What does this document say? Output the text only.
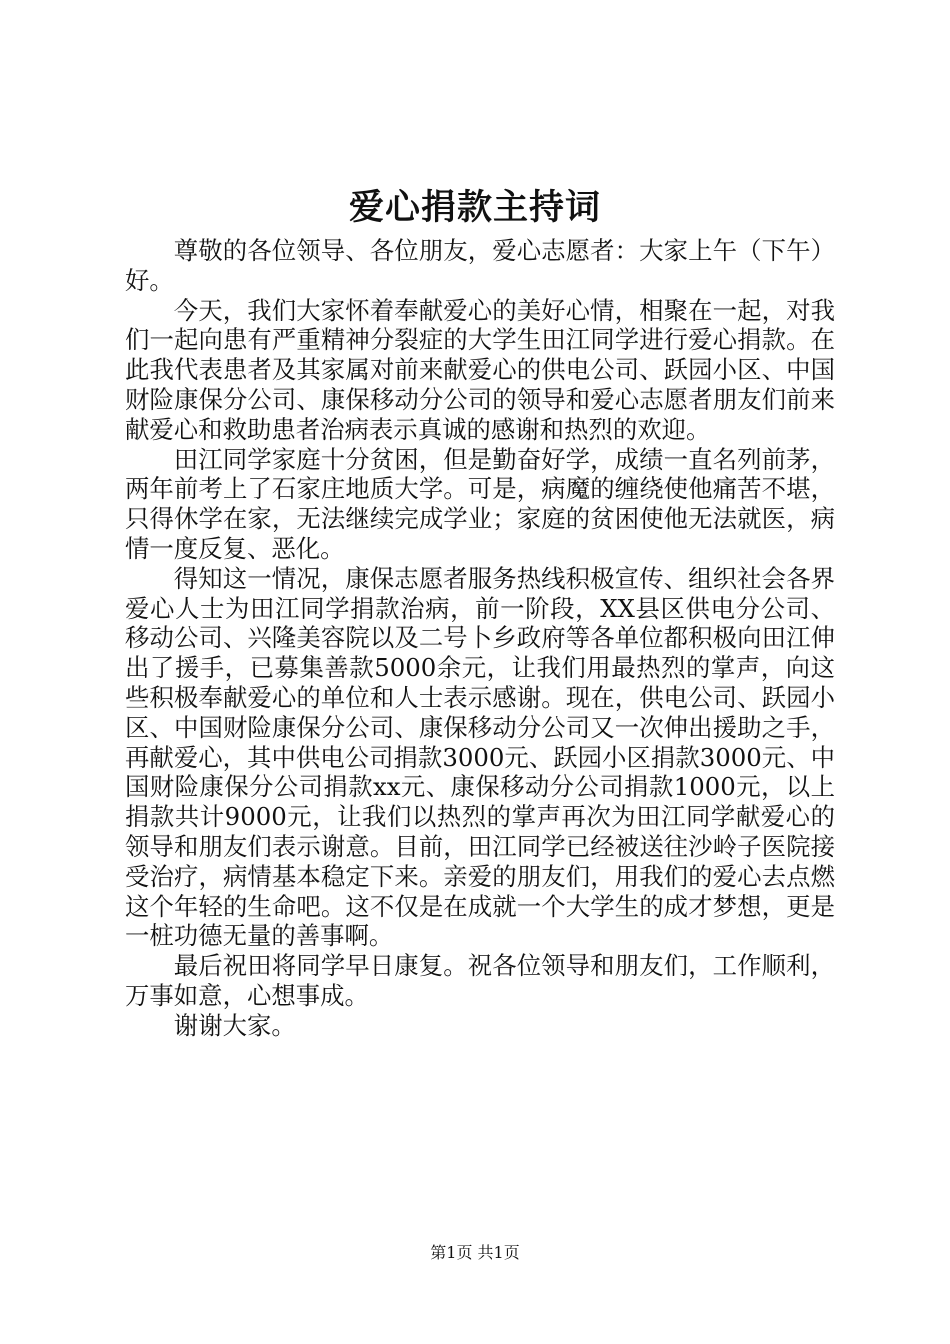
爱心捐款主持词

尊敬的各位领导、各位朋友，爱心志愿者：大家上午（下午）好。

今天，我们大家怀着奉献爱心的美好心情，相聚在一起，对我们一起向患有严重精神分裂症的大学生田江同学进行爱心捐款。在此我代表患者及其家属对前来献爱心的供电公司、跃园小区、中国财险康保分公司、康保移动分公司的领导和爱心志愿者朋友们前来献爱心和救助患者治病表示真诚的感谢和热烈的欢迎。

田江同学家庭十分贫困，但是勤奋好学，成绩一直名列前茅，两年前考上了石家庄地质大学。可是，病魔的缠绕使他痛苦不堪，只得休学在家，无法继续完成学业；家庭的贫困使他无法就医，病情一度反复、恶化。

得知这一情况，康保志愿者服务热线积极宣传、组织社会各界爱心人士为田江同学捐款治病，前一阶段，XX县区供电分公司、移动公司、兴隆美容院以及二号卜乡政府等各单位都积极向田江伸出了援手，已募集善款5000余元，让我们用最热烈的掌声，向这些积极奉献爱心的单位和人士表示感谢。现在，供电公司、跃园小区、中国财险康保分公司、康保移动分公司又一次伸出援助之手，再献爱心，其中供电公司捐款3000元、跃园小区捐款3000元、中国财险康保分公司捐款xx元、康保移动分公司捐款1000元，以上捐款共计9000元，让我们以热烈的掌声再次为田江同学献爱心的领导和朋友们表示谢意。目前，田江同学已经被送往沙岭子医院接受治疗，病情基本稳定下来。亲爱的朋友们，用我们的爱心去点燃这个年轻的生命吧。这不仅是在成就一个大学生的成才梦想，更是一桩功德无量的善事啊。

最后祝田将同学早日康复。祝各位领导和朋友们，工作顺利，万事如意，心想事成。

谢谢大家。

第1页 共1页
